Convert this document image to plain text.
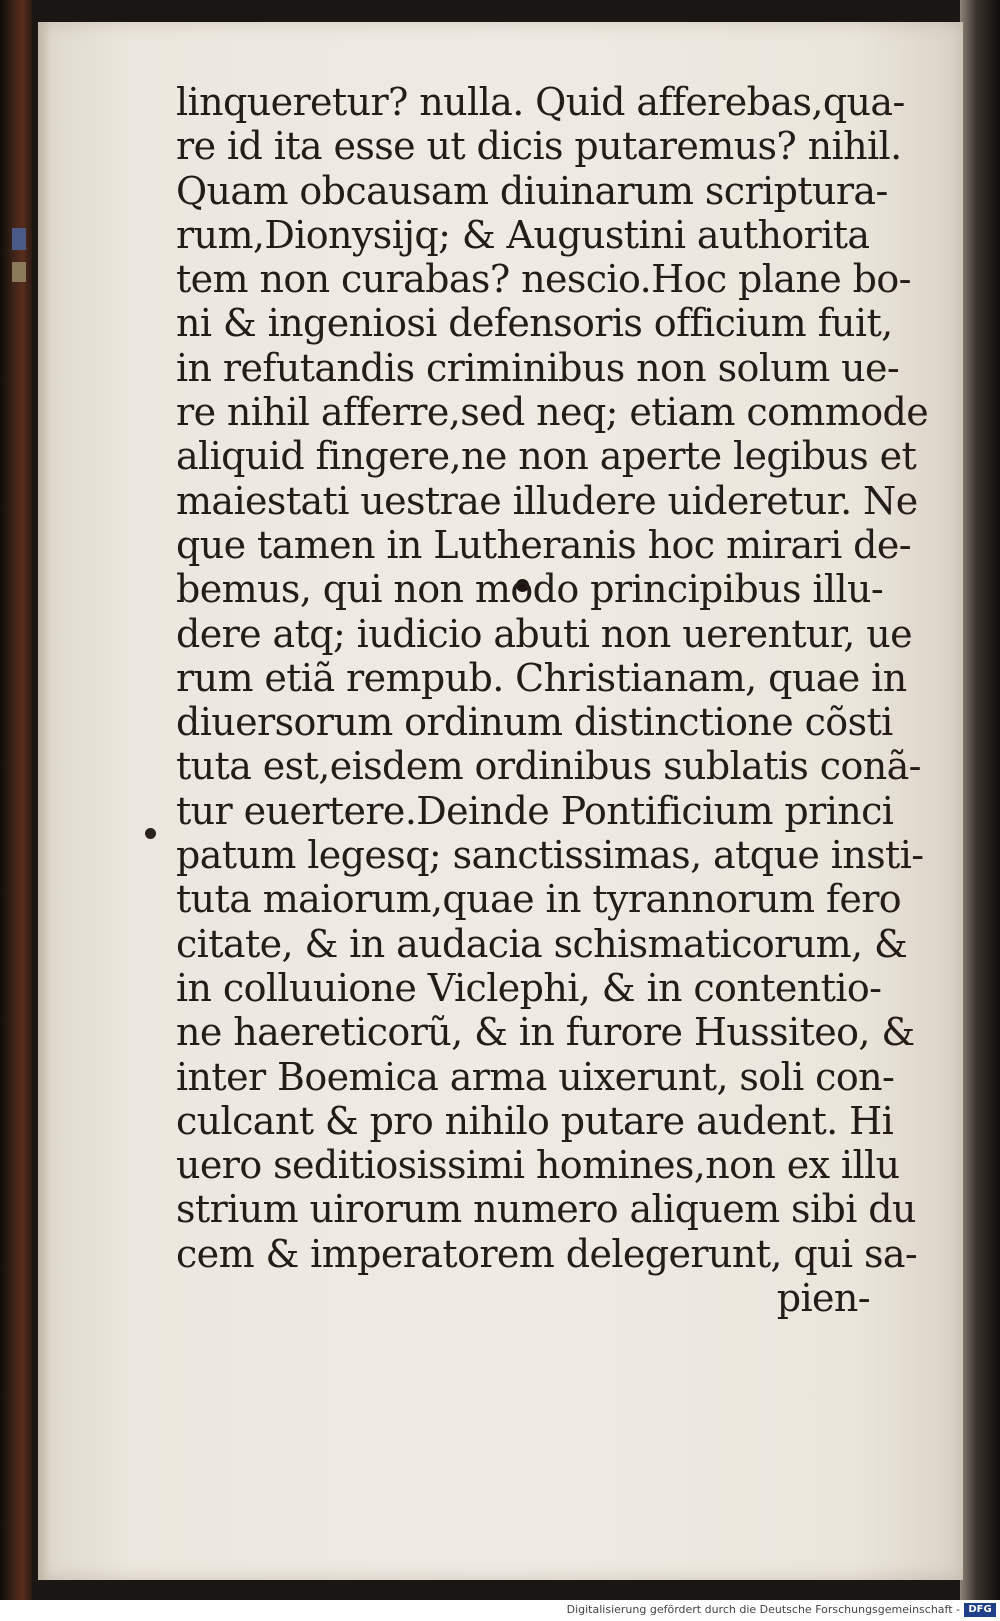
linqueretur? nulla. Quid afferebas,qua-
re id ita esse ut dicis putaremus? nihil.
Quam obcausam diuinarum scriptura-
rum,Dionysijq; & Augustini authorita
tem non curabas? nescio.Hoc plane bo-
ni & ingeniosi defensoris officium fuit,
in refutandis criminibus non solum ue-
re nihil afferre,sed neq; etiam commode
aliquid fingere,ne non aperte legibus et
maiestati uestrae illudere uideretur. Ne
que tamen in Lutheranis hoc mirari de-
bemus, qui non modo principibus illu-
dere atq; iudicio abuti non uerentur, ue
rum etiã rempub. Christianam, quae in
diuersorum ordinum distinctione cõsti
tuta est,eisdem ordinibus sublatis conã-
tur euertere.Deinde Pontificium princi
patum legesq; sanctissimas, atque insti-
tuta maiorum,quae in tyrannorum fero
citate, & in audacia schismaticorum, &
in colluuione Viclephi, & in contentio-
ne haereticorũ, & in furore Hussiteo, &
inter Boemica arma uixerunt, soli con-
culcant & pro nihilo putare audent. Hi
uero seditiosissimi homines,non ex illu
strium uirorum numero aliquem sibi du
cem & imperatorem delegerunt, qui sa-
pien-
Digitalisierung gefördert durch die Deutsche Forschungsgemeinschaft - DFG
